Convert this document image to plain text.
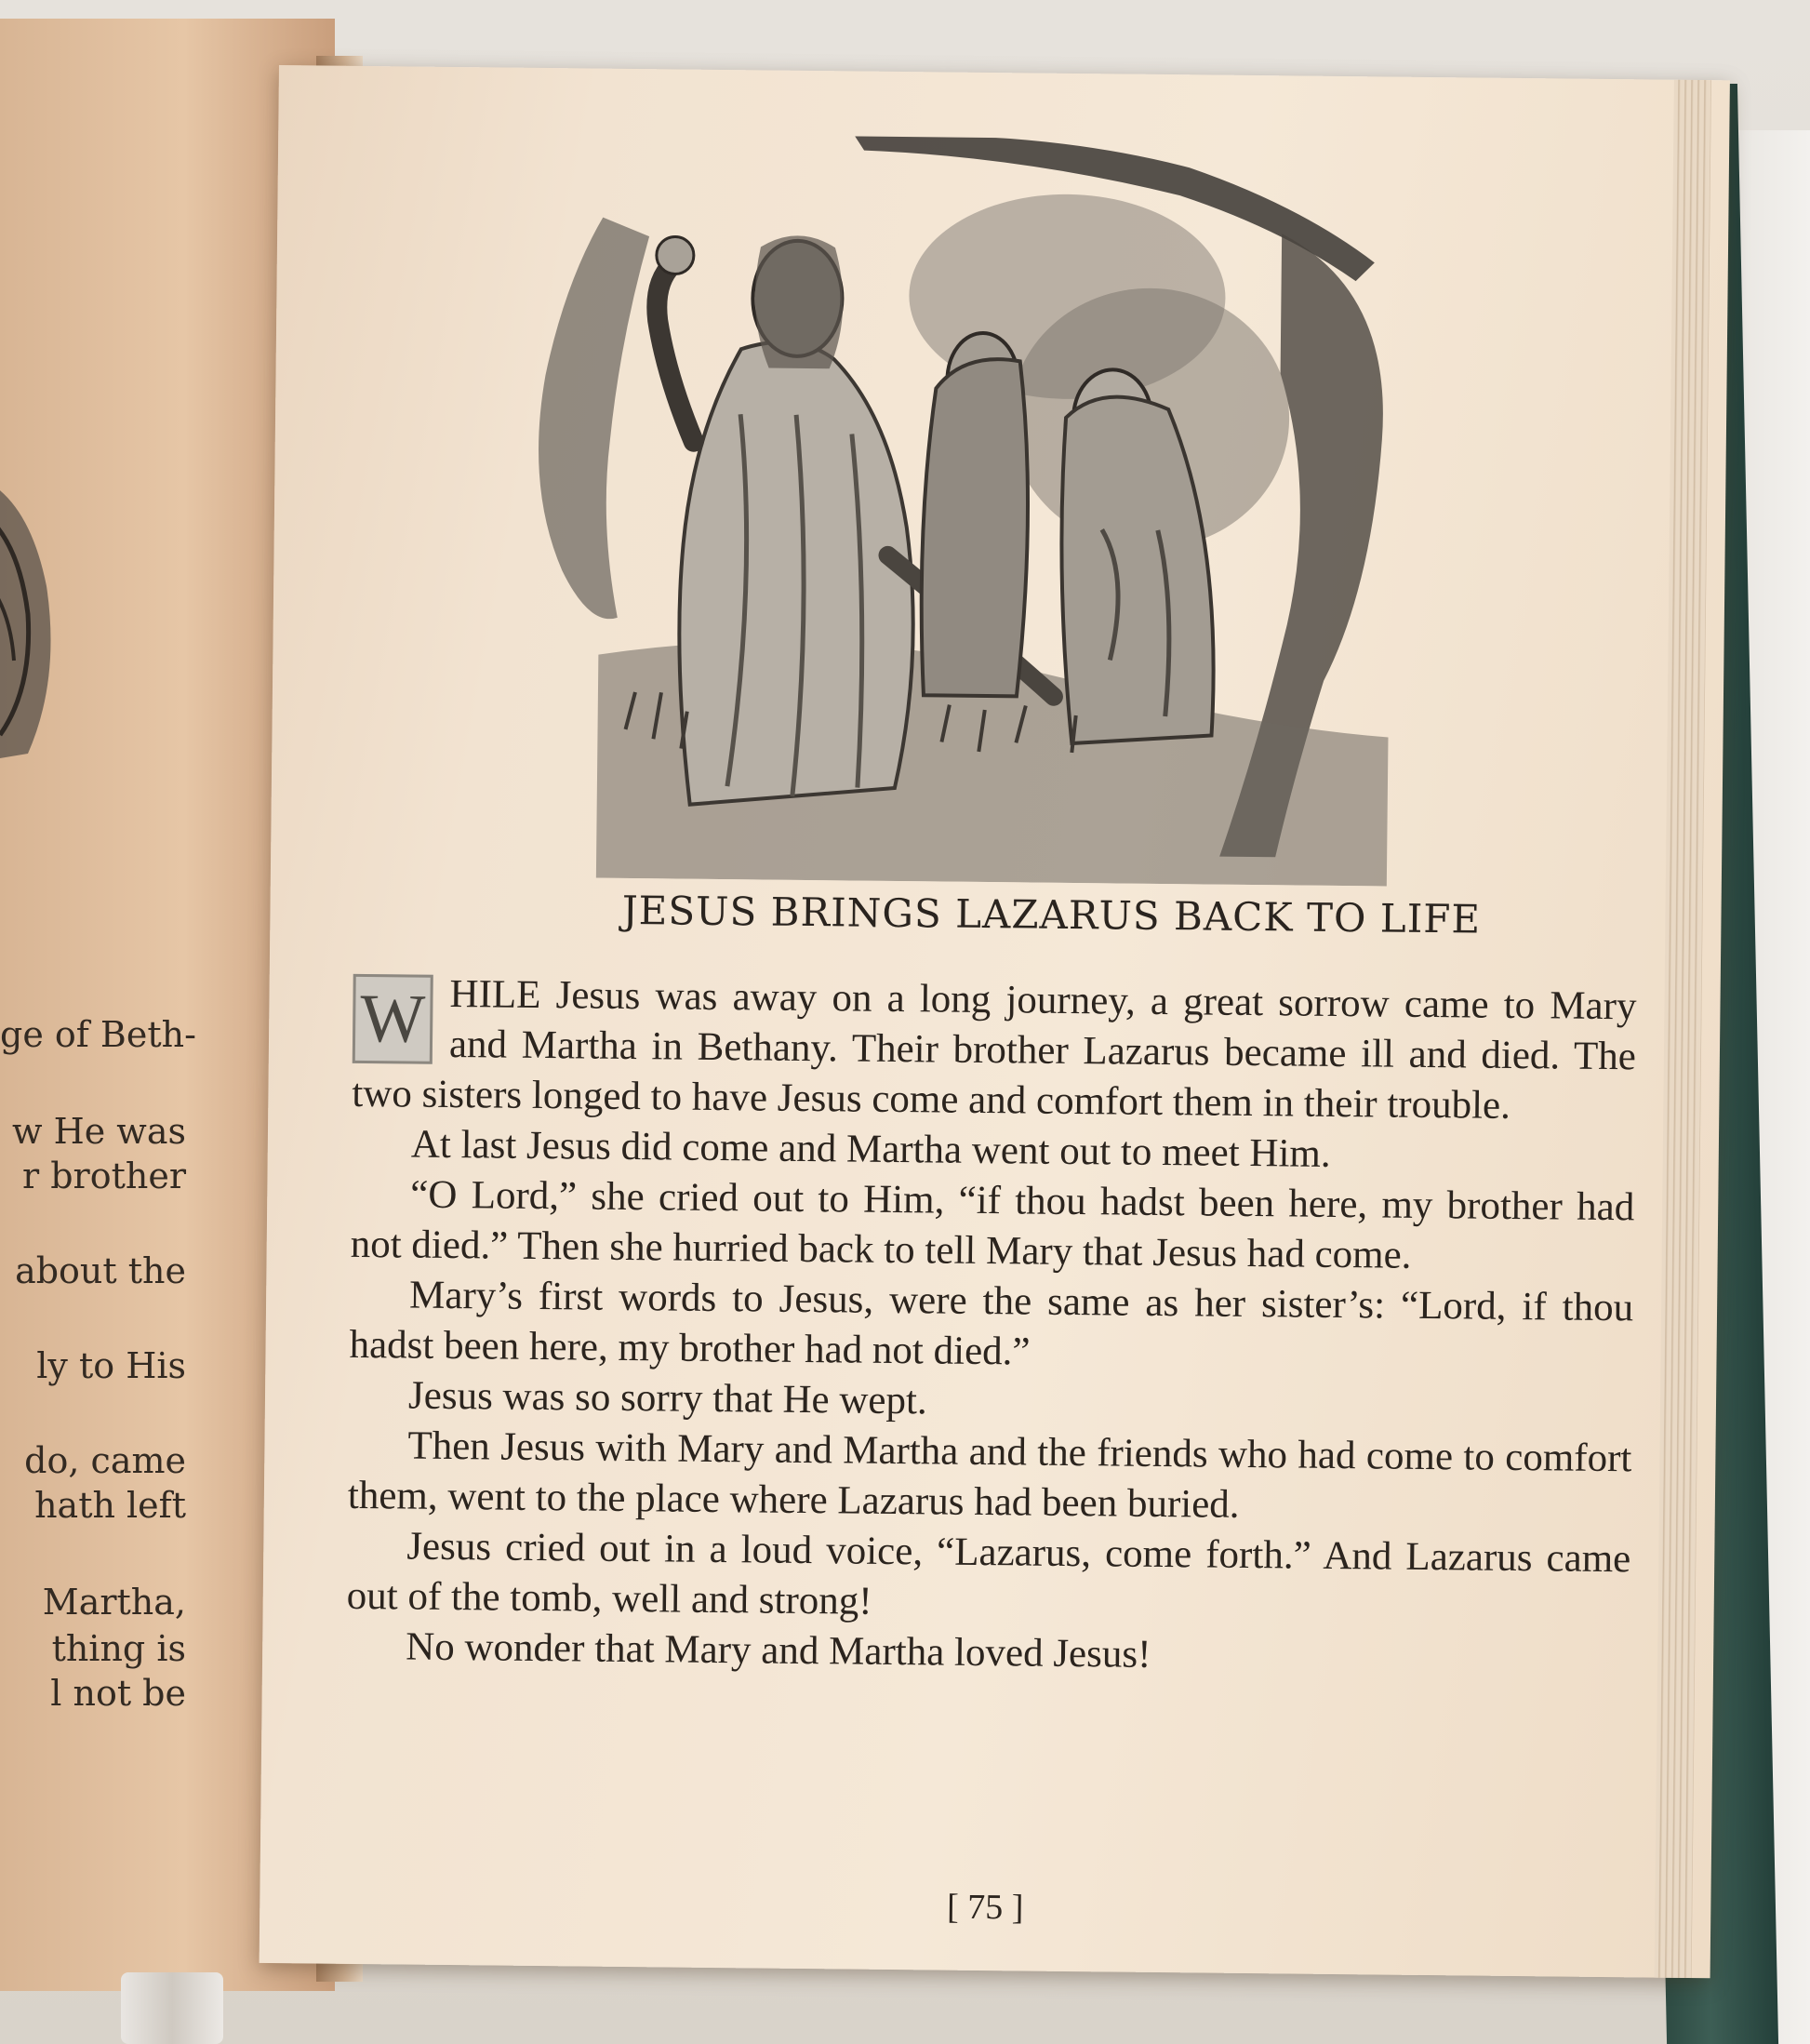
ge of Beth-
w He was
r brother
about the
ly to His
do, came
hath left
Martha,
thing is
l not be
JESUS BRINGS LAZARUS BACK TO LIFE

W HILE Jesus was away on a long journey, a great sorrow came to Mary and Martha in Bethany. Their brother Lazarus became ill and died. The two sisters longed to have Jesus come and comfort them in their trouble.

At last Jesus did come and Martha went out to meet Him.

“O Lord,” she cried out to Him, “if thou hadst been here, my brother had not died.” Then she hurried back to tell Mary that Jesus had come.

Mary’s first words to Jesus, were the same as her sister’s: “Lord, if thou hadst been here, my brother had not died.”

Jesus was so sorry that He wept.

Then Jesus with Mary and Martha and the friends who had come to comfort them, went to the place where Lazarus had been buried.

Jesus cried out in a loud voice, “Lazarus, come forth.” And Lazarus came out of the tomb, well and strong!

No wonder that Mary and Martha loved Jesus!

[ 75 ]
